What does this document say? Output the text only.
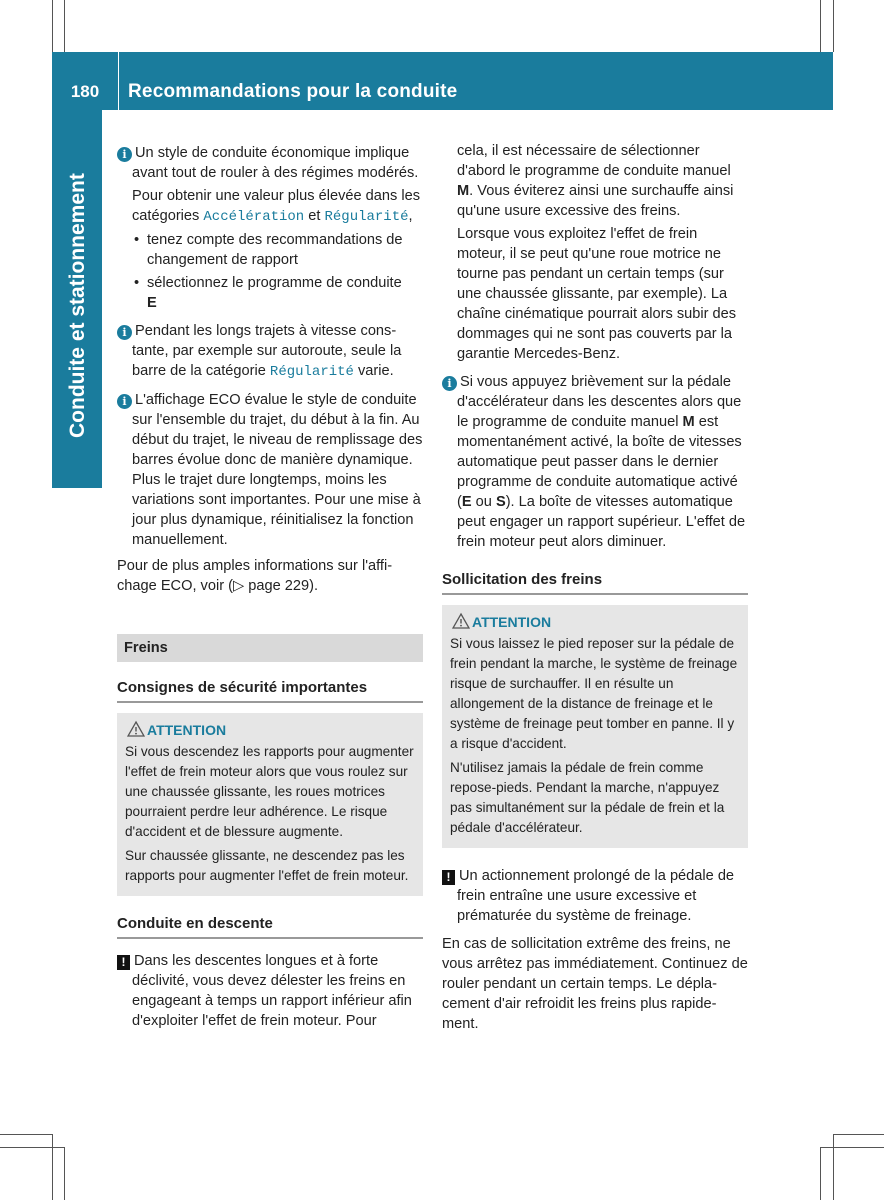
180	Recommandations pour la conduite
Conduite et stationnement

i Un style de conduite économique implique avant tout de rouler à des régimes modérés.

Pour obtenir une valeur plus élevée dans les catégories Accélération et Régularité,

• tenez compte des recommandations de changement de rapport

• sélectionnez le programme de conduite
E

i Pendant les longs trajets à vitesse constante, par exemple sur autoroute, seule la barre de la catégorie Régularité varie.

i L'affichage ECO évalue le style de conduite sur l'ensemble du trajet, du début à la fin. Au début du trajet, le niveau de remplissage des barres évolue donc de manière dynamique. Plus le trajet dure longtemps, moins les variations sont importantes. Pour une mise à jour plus dynamique, réinitialisez la fonction manuellement.

Pour de plus amples informations sur l'affichage ECO, voir (▷ page 229).

Freins
Consignes de sécurité importantes
ATTENTION

Si vous descendez les rapports pour augmenter l'effet de frein moteur alors que vous roulez sur une chaussée glissante, les roues motrices pourraient perdre leur adhérence. Le risque d'accident et de blessure augmente.

Sur chaussée glissante, ne descendez pas les rapports pour augmenter l'effet de frein moteur.

Conduite en descente

! Dans les descentes longues et à forte déclivité, vous devez délester les freins en engageant à temps un rapport inférieur afin d'exploiter l'effet de frein moteur. Pour

cela, il est nécessaire de sélectionner d'abord le programme de conduite manuel M. Vous éviterez ainsi une surchauffe ainsi qu'une usure excessive des freins.

Lorsque vous exploitez l'effet de frein moteur, il se peut qu'une roue motrice ne tourne pas pendant un certain temps (sur une chaussée glissante, par exemple). La chaîne cinématique pourrait alors subir des dommages qui ne sont pas couverts par la garantie Mercedes-Benz.

i Si vous appuyez brièvement sur la pédale d'accélérateur dans les descentes alors que le programme de conduite manuel M est momentanément activé, la boîte de vitesses automatique peut passer dans le dernier programme de conduite automatique activé (E ou S). La boîte de vitesses automatique peut engager un rapport supérieur. L'effet de frein moteur peut alors diminuer.

Sollicitation des freins
ATTENTION

Si vous laissez le pied reposer sur la pédale de frein pendant la marche, le système de freinage risque de surchauffer. Il en résulte un allongement de la distance de freinage et le système de freinage peut tomber en panne. Il y a risque d'accident.

N'utilisez jamais la pédale de frein comme repose-pieds. Pendant la marche, n'appuyez pas simultanément sur la pédale de frein et la pédale d'accélérateur.

! Un actionnement prolongé de la pédale de frein entraîne une usure excessive et prématurée du système de freinage.

En cas de sollicitation extrême des freins, ne vous arrêtez pas immédiatement. Continuez de rouler pendant un certain temps. Le déplacement d'air refroidit les freins plus rapidement.
